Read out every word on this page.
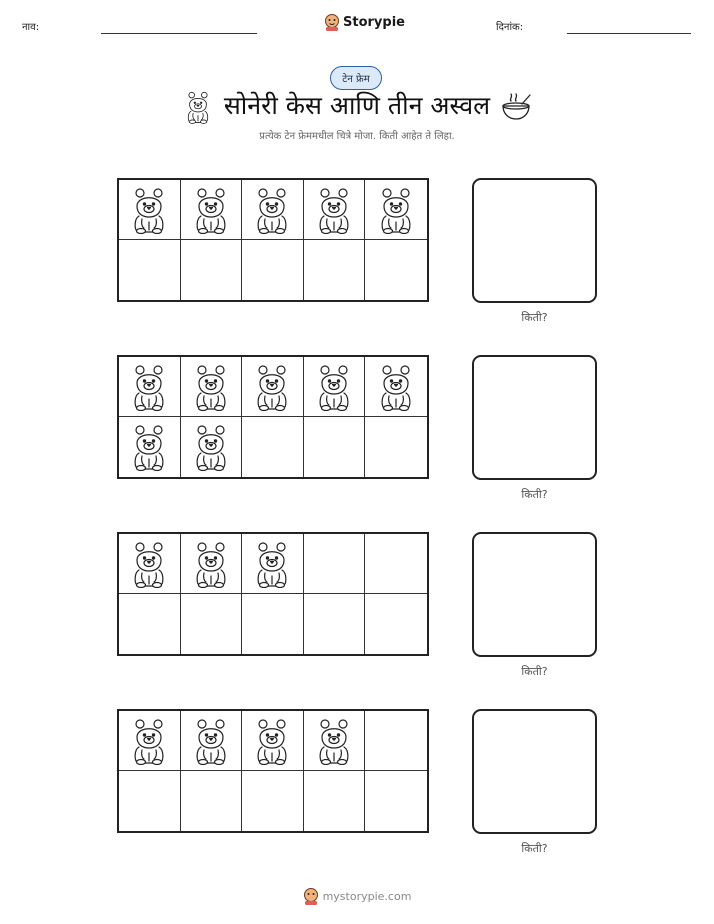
नाव:	Storypie	दिनांक:
टेन फ्रेम
सोनेरी केस आणि तीन अस्वल
प्रत्येक टेन फ्रेममधील चित्रे मोजा. किती आहेत ते लिहा.
किती?
किती?
किती?
किती?
mystorypie.com
